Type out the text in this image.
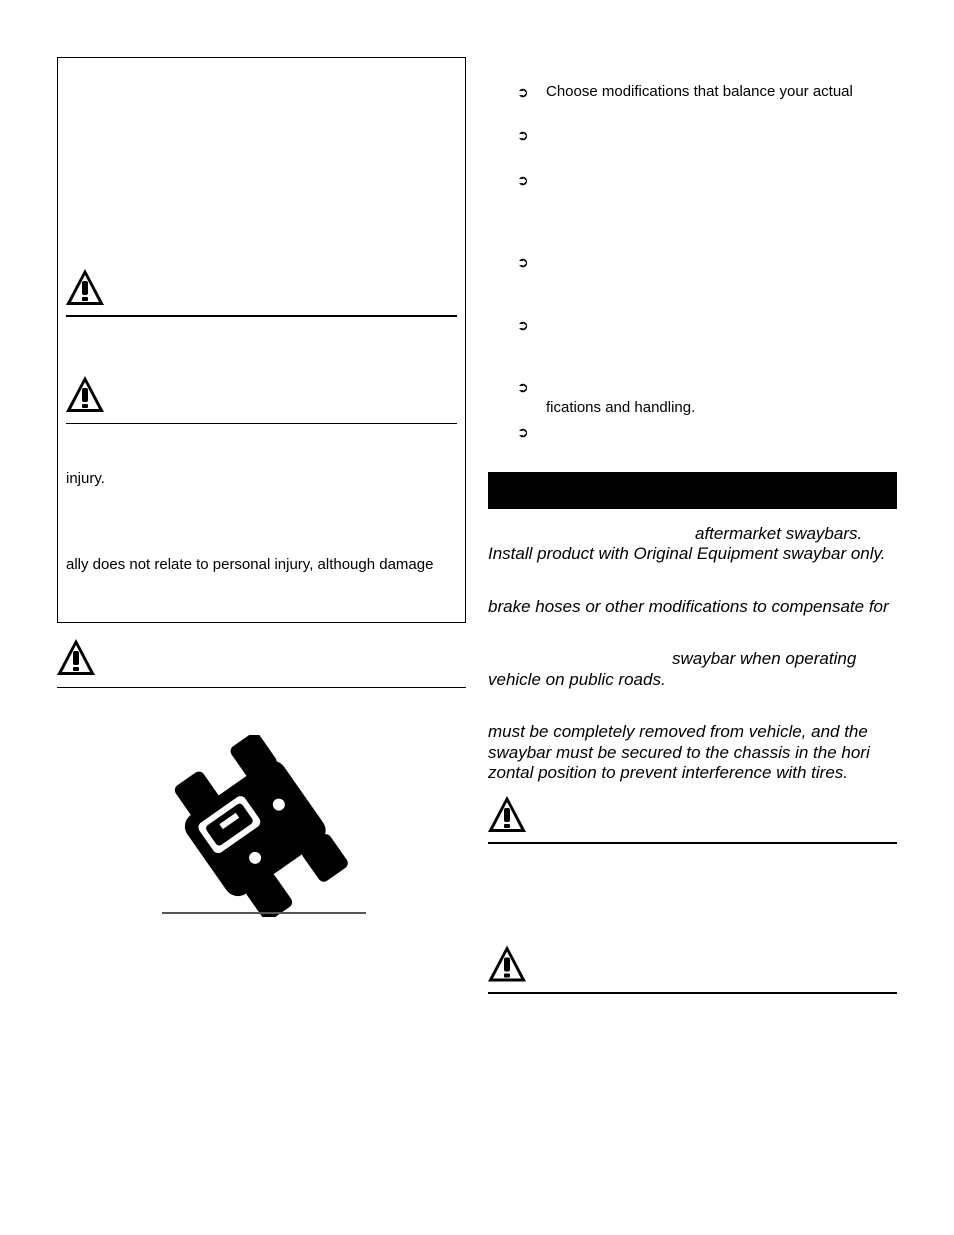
injury.
ally does not relate to personal injury, although damage
➲ Choose modifications that balance your actual
➲
➲
➲
➲
➲
fications and handling.
➲
aftermarket swaybars.
Install product with Original Equipment swaybar only.
brake hoses or other modifications to compensate for
swaybar when operating
vehicle on public roads.
must be completely removed from vehicle, and the
swaybar must be secured to the chassis in the hori
zontal position to prevent interference with tires.
